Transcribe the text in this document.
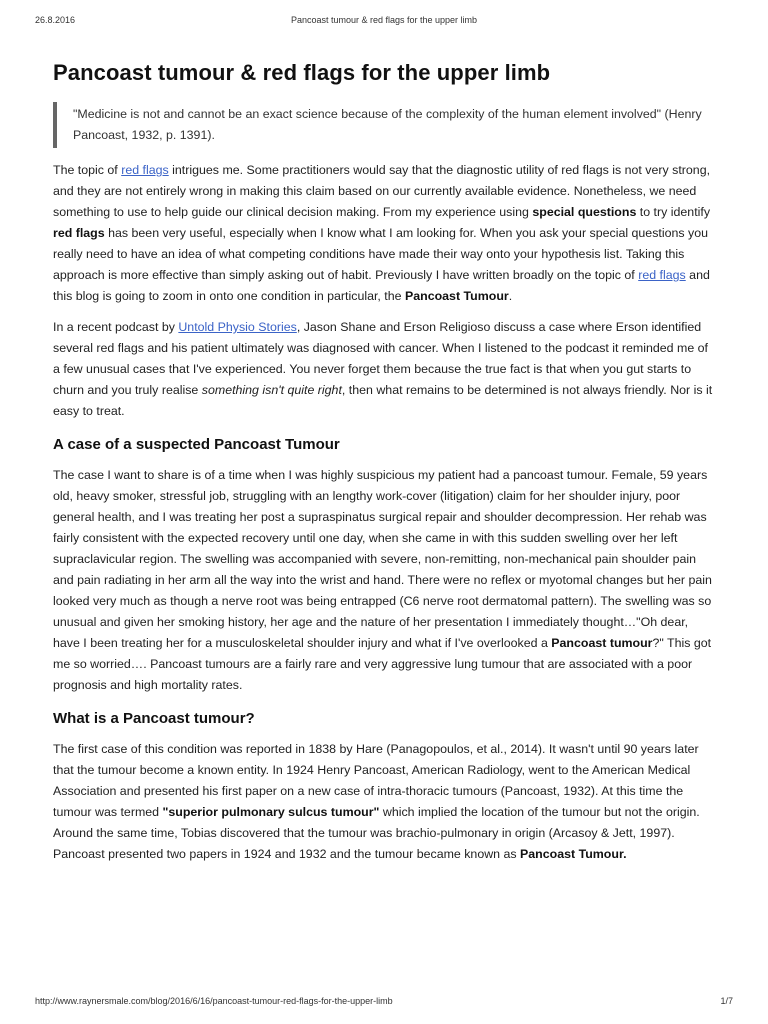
26.8.2016	Pancoast tumour & red flags for the upper limb
Pancoast tumour & red flags for the upper limb
"Medicine is not and cannot be an exact science because of the complexity of the human element involved" (Henry Pancoast, 1932, p. 1391).

The topic of red flags intrigues me. Some practitioners would say that the diagnostic utility of red flags is not very strong, and they are not entirely wrong in making this claim based on our currently available evidence. Nonetheless, we need something to use to help guide our clinical decision making. From my experience using special questions to try identify red flags has been very useful, especially when I know what I am looking for. When you ask your special questions you really need to have an idea of what competing conditions have made their way onto your hypothesis list. Taking this approach is more effective than simply asking out of habit. Previously I have written broadly on the topic of red flags and this blog is going to zoom in onto one condition in particular, the Pancoast Tumour.

In a recent podcast by Untold Physio Stories, Jason Shane and Erson Religioso discuss a case where Erson identified several red flags and his patient ultimately was diagnosed with cancer. When I listened to the podcast it reminded me of a few unusual cases that I've experienced. You never forget them because the true fact is that when you gut starts to churn and you truly realise something isn't quite right, then what remains to be determined is not always friendly. Nor is it easy to treat.

A case of a suspected Pancoast Tumour

The case I want to share is of a time when I was highly suspicious my patient had a pancoast tumour. Female, 59 years old, heavy smoker, stressful job, struggling with an lengthy work-cover (litigation) claim for her shoulder injury, poor general health, and I was treating her post a supraspinatus surgical repair and shoulder decompression. Her rehab was fairly consistent with the expected recovery until one day, when she came in with this sudden swelling over her left supraclavicular region. The swelling was accompanied with severe, non-remitting, non-mechanical pain shoulder pain and pain radiating in her arm all the way into the wrist and hand. There were no reflex or myotomal changes but her pain looked very much as though a nerve root was being entrapped (C6 nerve root dermatomal pattern). The swelling was so unusual and given her smoking history, her age and the nature of her presentation I immediately thought…"Oh dear, have I been treating her for a musculoskeletal shoulder injury and what if I've overlooked a Pancoast tumour?" This got me so worried…. Pancoast tumours are a fairly rare and very aggressive lung tumour that are associated with a poor prognosis and high mortality rates.

What is a Pancoast tumour?

The first case of this condition was reported in 1838 by Hare (Panagopoulos, et al., 2014). It wasn't until 90 years later that the tumour become a known entity. In 1924 Henry Pancoast, American Radiology, went to the American Medical Association and presented his first paper on a new case of intra-thoracic tumours (Pancoast, 1932). At this time the tumour was termed "superior pulmonary sulcus tumour" which implied the location of the tumour but not the origin. Around the same time, Tobias discovered that the tumour was brachio-pulmonary in origin (Arcasoy & Jett, 1997). Pancoast presented two papers in 1924 and 1932 and the tumour became known as Pancoast Tumour.

http://www.raynersmale.com/blog/2016/6/16/pancoast-tumour-red-flags-for-the-upper-limb	1/7
